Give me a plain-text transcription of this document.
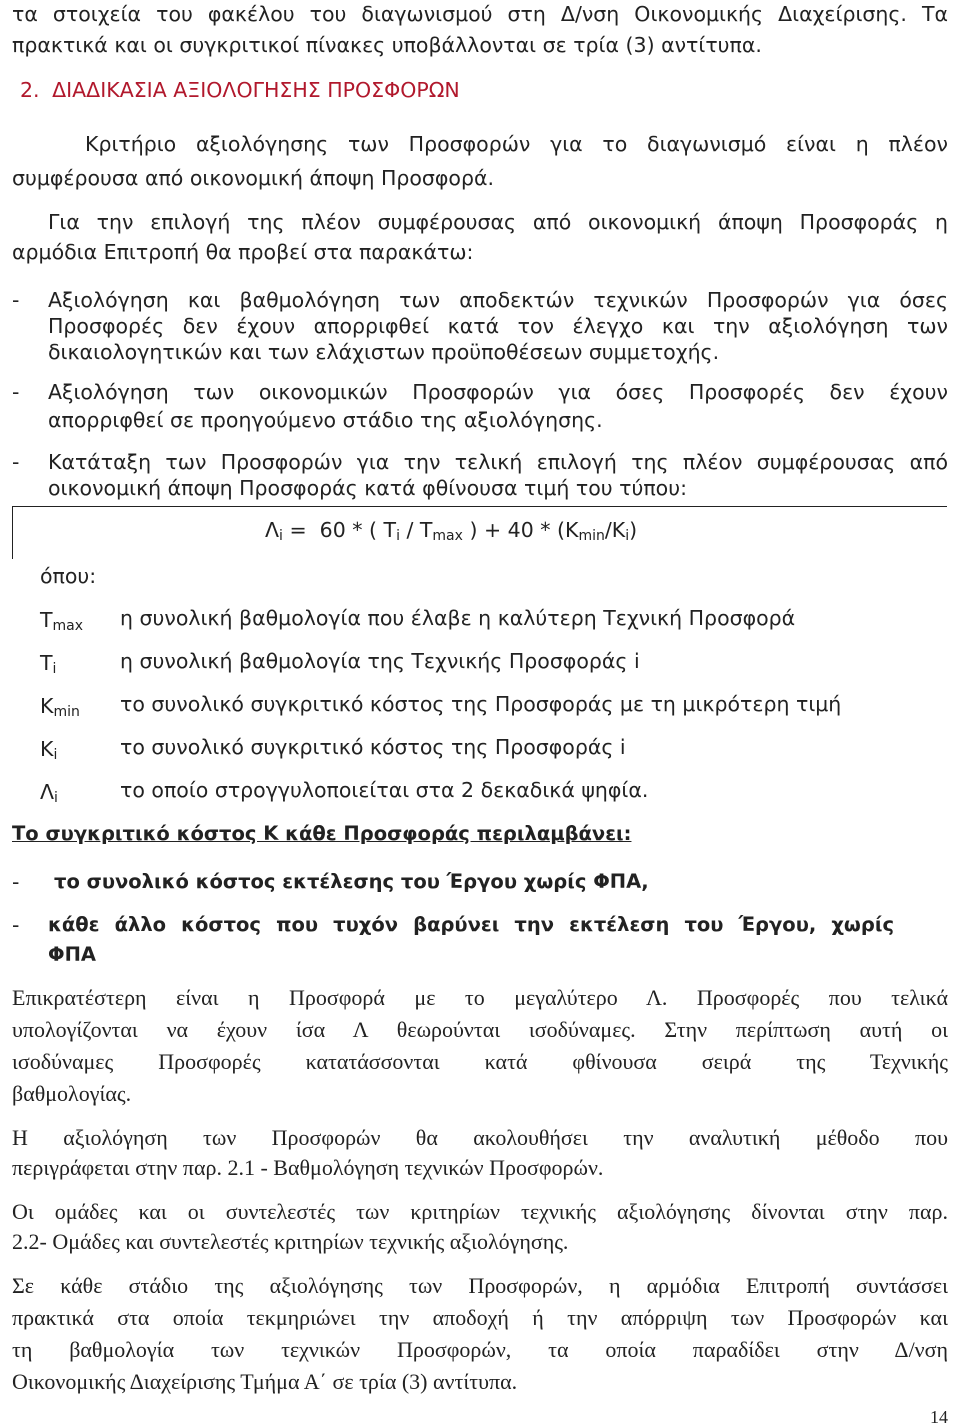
τα στοιχεία του φακέλου του διαγωνισμού στη Δ/νση Οικονομικής Διαχείρισης. Τα
πρακτικά και οι συγκριτικοί πίνακες υποβάλλονται σε τρία (3) αντίτυπα.
2. ΔΙΑΔΙΚΑΣΙΑ ΑΞΙΟΛΟΓΗΣΗΣ ΠΡΟΣΦΟΡΩΝ
Κριτήριο αξιολόγησης των Προσφορών για το διαγωνισμό είναι η πλέον
συμφέρουσα από οικονομική άποψη Προσφορά.
Για την επιλογή της πλέον συμφέρουσας από οικονομική άποψη Προσφοράς η
αρμόδια Επιτροπή θα προβεί στα παρακάτω:
-	Αξιολόγηση και βαθμολόγηση των αποδεκτών τεχνικών Προσφορών για όσες
Προσφορές δεν έχουν απορριφθεί κατά τον έλεγχο και την αξιολόγηση των
δικαιολογητικών και των ελάχιστων προϋποθέσεων συμμετοχής.
-	Αξιολόγηση των οικονομικών Προσφορών για όσες Προσφορές δεν έχουν
απορριφθεί σε προηγούμενο στάδιο της αξιολόγησης.
-	Κατάταξη των Προσφορών για την τελική επιλογή της πλέον συμφέρουσας από
οικονομική άποψη Προσφοράς κατά φθίνουσα τιμή του τύπου:
$\Lambda_i = 60$ * ( $T_i / T_{max}$ ) + $40 * (K_{min}/K_i)$
όπου:
$T_{max}$ η συνολική βαθμολογία που έλαβε η καλύτερη Τεχνική Προσφορά
$T_i$	η συνολική βαθμολογία της Τεχνικής Προσφοράς i
$K_{min}$ το συνολικό συγκριτικό κόστος της Προσφοράς με τη μικρότερη τιμή
$K_i$	το συνολικό συγκριτικό κόστος της Προσφοράς i
$\Lambda_i$	το οποίο στρογγυλοποιείται στα 2 δεκαδικά ψηφία.
Το συγκριτικό κόστος Κ κάθε Προσφοράς περιλαμβάνει:
-	το συνολικό κόστος εκτέλεσης του Έργου χωρίς ΦΠΑ,
-	κάθε άλλο κόστος που τυχόν βαρύνει την εκτέλεση του Έργου, χωρίς
ΦΠΑ
Επικρατέστερη είναι η Προσφορά με το μεγαλύτερο Λ. Προσφορές που τελικά
υπολογίζονται να έχουν ίσα Λ θεωρούνται ισοδύναμες. Στην περίπτωση αυτή οι
ισοδύναμες Προσφορές κατατάσσονται κατά φθίνουσα σειρά της Τεχνικής
βαθμολογίας.
Η αξιολόγηση των Προσφορών θα ακολουθήσει την αναλυτική μέθοδο που
περιγράφεται στην παρ. 2.1 - Βαθμολόγηση τεχνικών Προσφορών.
Οι ομάδες και οι συντελεστές των κριτηρίων τεχνικής αξιολόγησης δίνονται στην παρ.
2.2- Ομάδες και συντελεστές κριτηρίων τεχνικής αξιολόγησης.
Σε κάθε στάδιο της αξιολόγησης των Προσφορών, η αρμόδια Επιτροπή συντάσσει
πρακτικά στα οποία τεκμηριώνει την αποδοχή ή την απόρριψη των Προσφορών και
τη βαθμολογία των τεχνικών Προσφορών, τα οποία παραδίδει στην Δ/νση
Οικονομικής Διαχείρισης Τμήμα Α΄ σε τρία (3) αντίτυπα.
14
